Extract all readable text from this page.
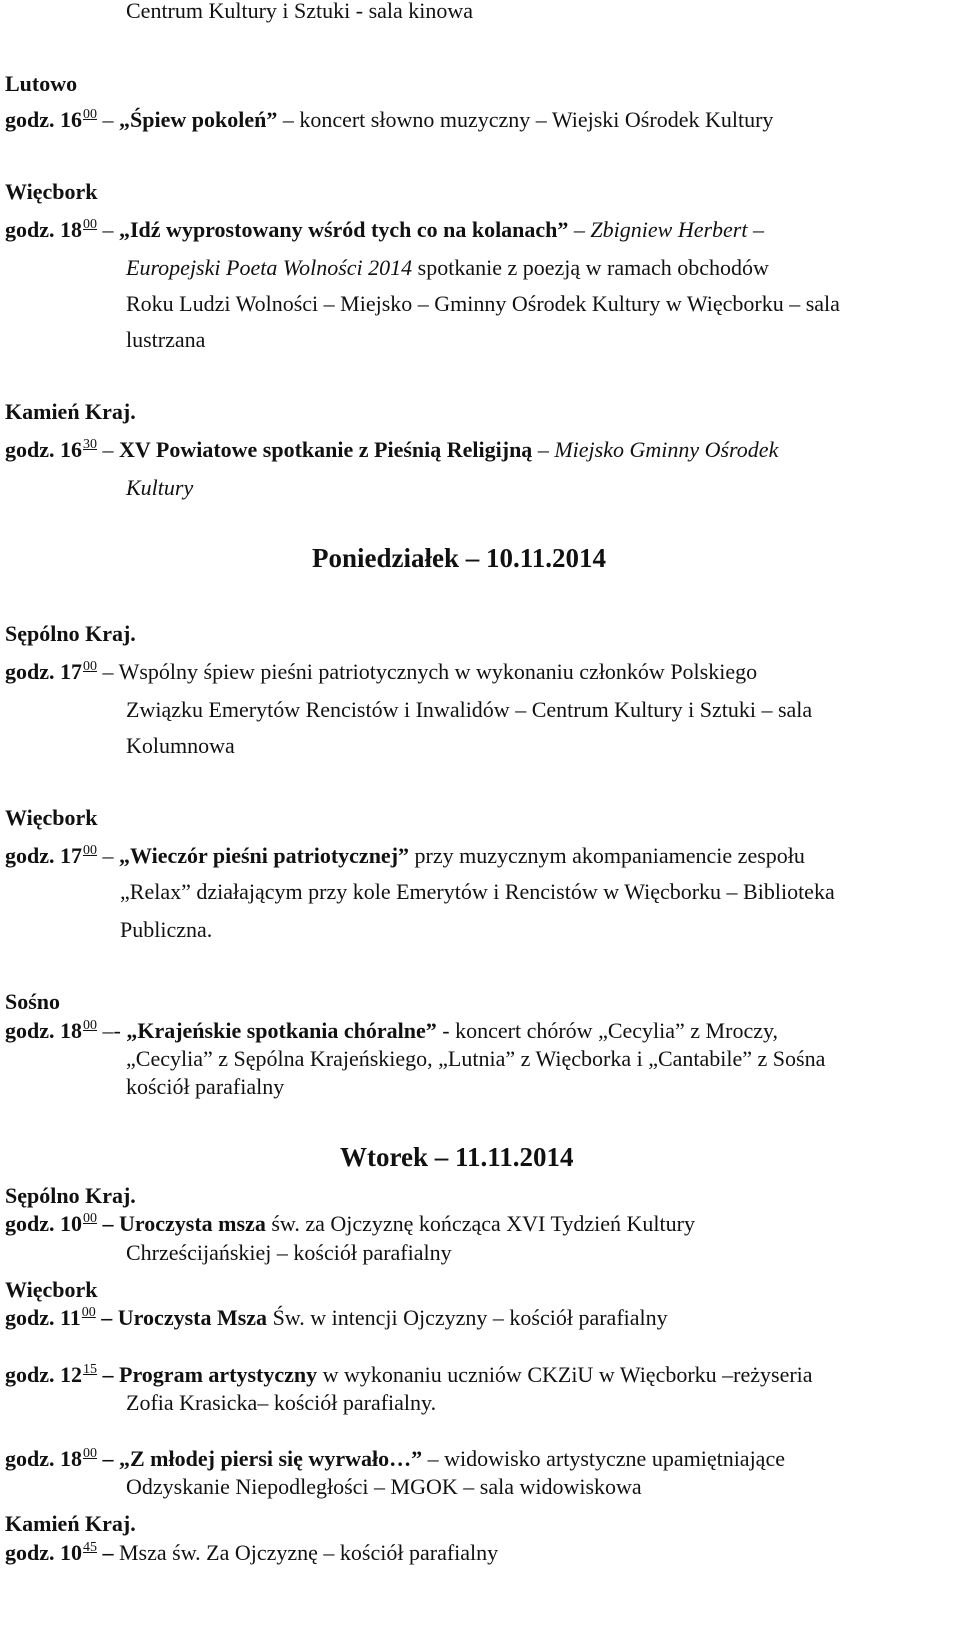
Centrum Kultury i Sztuki - sala kinowa
Lutowo
godz. $16^{00}$ – „Śpiew pokoleń” – koncert słowno muzyczny – Wiejski Ośrodek Kultury
Więcbork
godz. $18^{00}$ – „Idź wyprostowany wśród tych co na kolanach” – Zbigniew Herbert –
Europejski Poeta Wolności 2014 spotkanie z poezją w ramach obchodów
Roku Ludzi Wolności – Miejsko – Gminny Ośrodek Kultury w Więcborku – sala
lustrzana
Kamień Kraj.
godz. $16^{30}$ – XV Powiatowe spotkanie z Pieśnią Religijną – Miejsko Gminny Ośrodek
Kultury
Poniedziałek – 10.11.2014
Sępólno Kraj.
godz. $17^{00}$ – Wspólny śpiew pieśni patriotycznych w wykonaniu członków Polskiego
Związku Emerytów Rencistów i Inwalidów – Centrum Kultury i Sztuki – sala
Kolumnowa
Więcbork
godz. $17^{00}$ – „Wieczór pieśni patriotycznej” przy muzycznym akompaniamencie zespołu
„Relax” działającym przy kole Emerytów i Rencistów w Więcborku – Biblioteka
Publiczna.
Sośno
godz. $18^{00}$ –- „Krajeńskie spotkania chóralne” - koncert chórów „Cecylia” z Mroczy,
„Cecylia” z Sępólna Krajeńskiego, „Lutnia” z Więcborka i „Cantabile” z Sośna
kościół parafialny
Wtorek – 11.11.2014
Sępólno Kraj.
godz. $10^{00}$ – Uroczysta msza św. za Ojczyznę kończąca XVI Tydzień Kultury
Chrześcijańskiej – kościół parafialny
Więcbork
godz. $11^{00}$ – Uroczysta Msza Św. w intencji Ojczyzny – kościół parafialny
godz. $12^{15}$ – Program artystyczny w wykonaniu uczniów CKZiU w Więcborku –reżyseria
Zofia Krasicka– kościół parafialny.
godz. $18^{00}$ – „Z młodej piersi się wyrwało…” – widowisko artystyczne upamiętniające
Odzyskanie Niepodległości – MGOK – sala widowiskowa
Kamień Kraj.
godz. $10^{45}$ – Msza św. Za Ojczyznę – kościół parafialny
